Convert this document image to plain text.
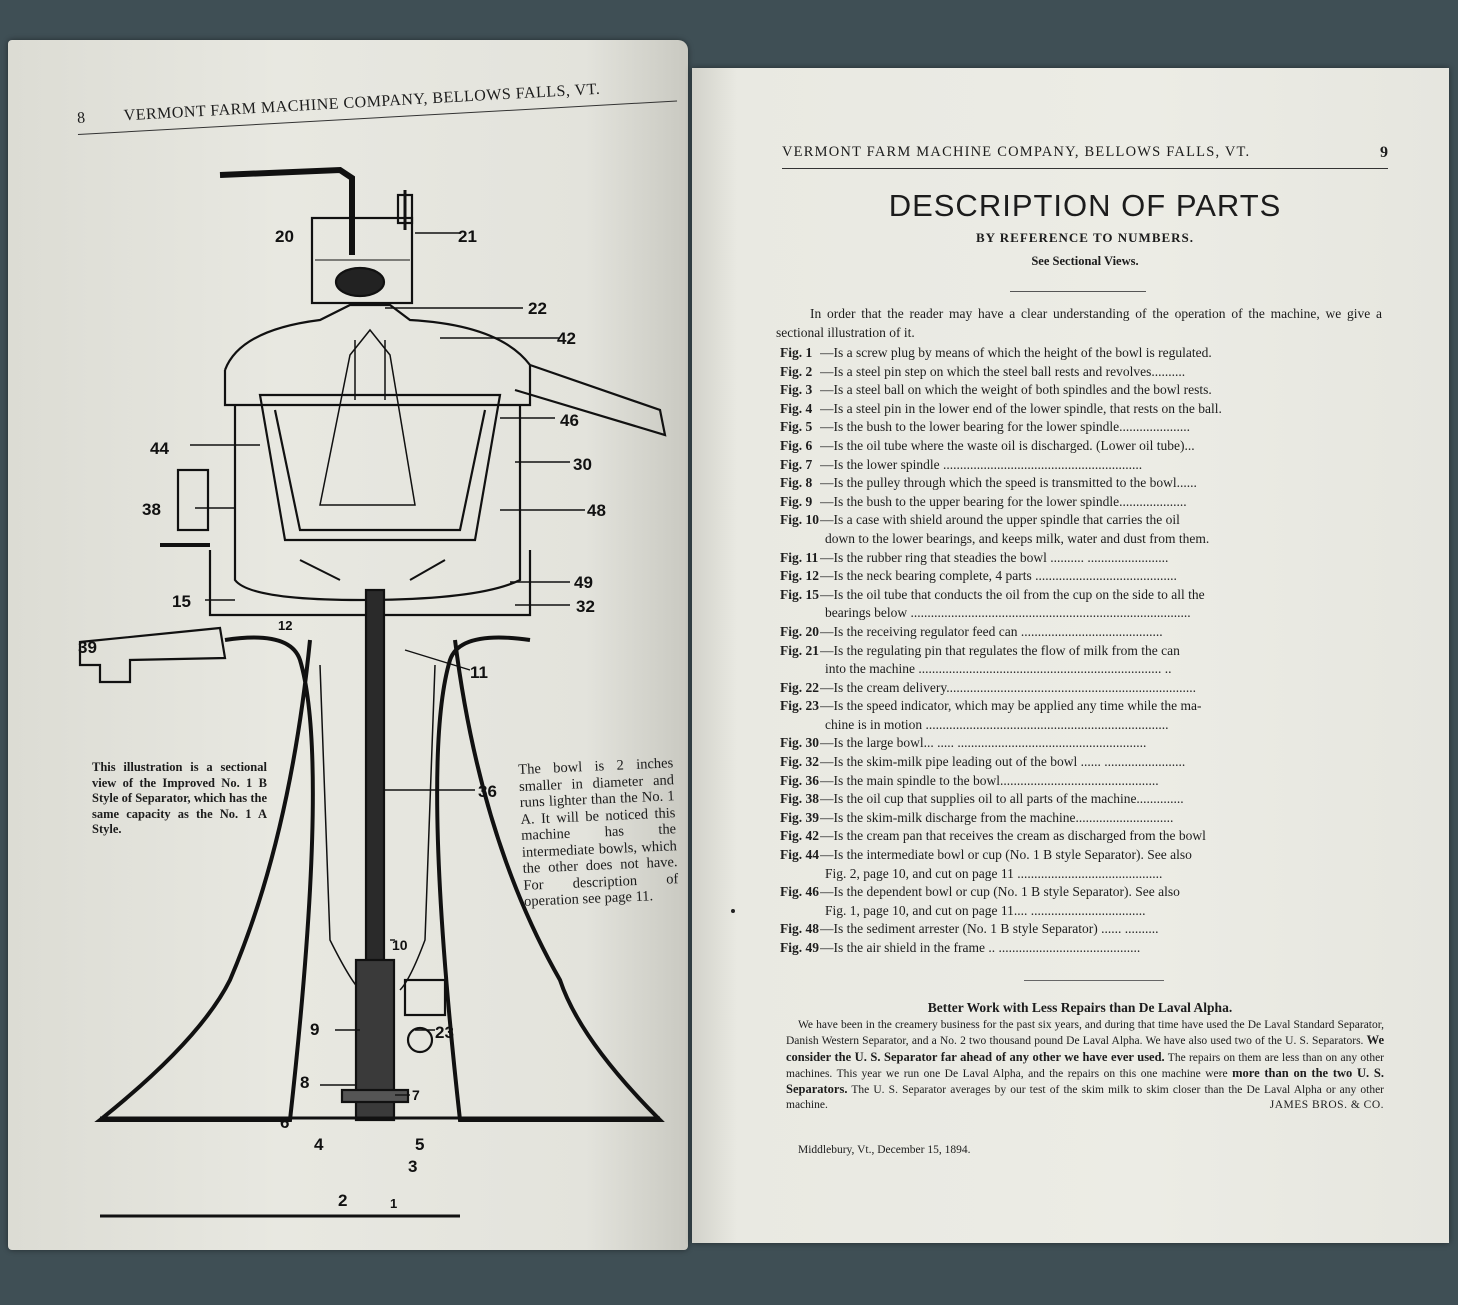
8 VERMONT FARM MACHINE COMPANY, BELLOWS FALLS, VT.
20	21
22
42
46
44
30
38	48
49
15	32
39
12
11
36
10
9	23
8
7
6
4	5
3
2	1
This illustration is a sectional view of the Improved No. 1 B Style of Separator, which has the same capacity as the No. 1 A Style.
The bowl is 2 inches smaller in diameter and runs lighter than the No. 1 A. It will be noticed this machine has the intermediate bowls, which the other does not have. For description of operation see page 11.
VERMONT FARM MACHINE COMPANY, BELLOWS FALLS, VT.	9
DESCRIPTION OF PARTS
BY REFERENCE TO NUMBERS.
See Sectional Views.
In order that the reader may have a clear understanding of the operation of the machine, we give a sectional illustration of it.
Fig. 1 —Is a screw plug by means of which the height of the bowl is regulated.
Fig. 2 —Is a steel pin step on which the steel ball rests and revolves..........
Fig. 3 —Is a steel ball on which the weight of both spindles and the bowl rests.
Fig. 4 —Is a steel pin in the lower end of the lower spindle, that rests on the ball.
Fig. 5 —Is the bush to the lower bearing for the lower spindle.....................
Fig. 6 —Is the oil tube where the waste oil is discharged. (Lower oil tube)...
Fig. 7 —Is the lower spindle ...........................................................
Fig. 8 —Is the pulley through which the speed is transmitted to the bowl......
Fig. 9 —Is the bush to the upper bearing for the lower spindle....................
Fig. 10 —Is a case with shield around the upper spindle that carries the oil
down to the lower bearings, and keeps milk, water and dust from them.
Fig. 11 —Is the rubber ring that steadies the bowl .......... ........................
Fig. 12 —Is the neck bearing complete, 4 parts ..........................................
Fig. 15 —Is the oil tube that conducts the oil from the cup on the side to all the
bearings below ...................................................................................
Fig. 20 —Is the receiving regulator feed can ..........................................
Fig. 21 —Is the regulating pin that regulates the flow of milk from the can
into the machine ........................................................................ ..
Fig. 22 —Is the cream delivery..........................................................................
Fig. 23 —Is the speed indicator, which may be applied any time while the ma-
chine is in motion ........................................................................
Fig. 30 —Is the large bowl... ..... ........................................................
Fig. 32 —Is the skim-milk pipe leading out of the bowl ...... ........................
Fig. 36 —Is the main spindle to the bowl...............................................
Fig. 38 —Is the oil cup that supplies oil to all parts of the machine..............
Fig. 39 —Is the skim-milk discharge from the machine.............................
Fig. 42 —Is the cream pan that receives the cream as discharged from the bowl
Fig. 44 —Is the intermediate bowl or cup (No. 1 B style Separator). See also
Fig. 2, page 10, and cut on page 11 ...........................................
Fig. 46 —Is the dependent bowl or cup (No. 1 B style Separator). See also
Fig. 1, page 10, and cut on page 11.... ..................................
Fig. 48 —Is the sediment arrester (No. 1 B style Separator) ...... ..........
Fig. 49 —Is the air shield in the frame .. ..........................................
Better Work with Less Repairs than De Laval Alpha.
We have been in the creamery business for the past six years, and during that time have used the De Laval Standard Separator, Danish Western Separator, and a No. 2 two thousand pound De Laval Alpha. We have also used two of the U. S. Separators. We consider the U. S. Separator far ahead of any other we have ever used. The repairs on them are less than on any other machines. This year we run one De Laval Alpha, and the repairs on this one machine were more than on the two U. S. Separators. The U. S. Separator averages by our test of the skim milk to skim closer than the De Laval Alpha or any other machine.	JAMES BROS. & CO.
Middlebury, Vt., December 15, 1894.
